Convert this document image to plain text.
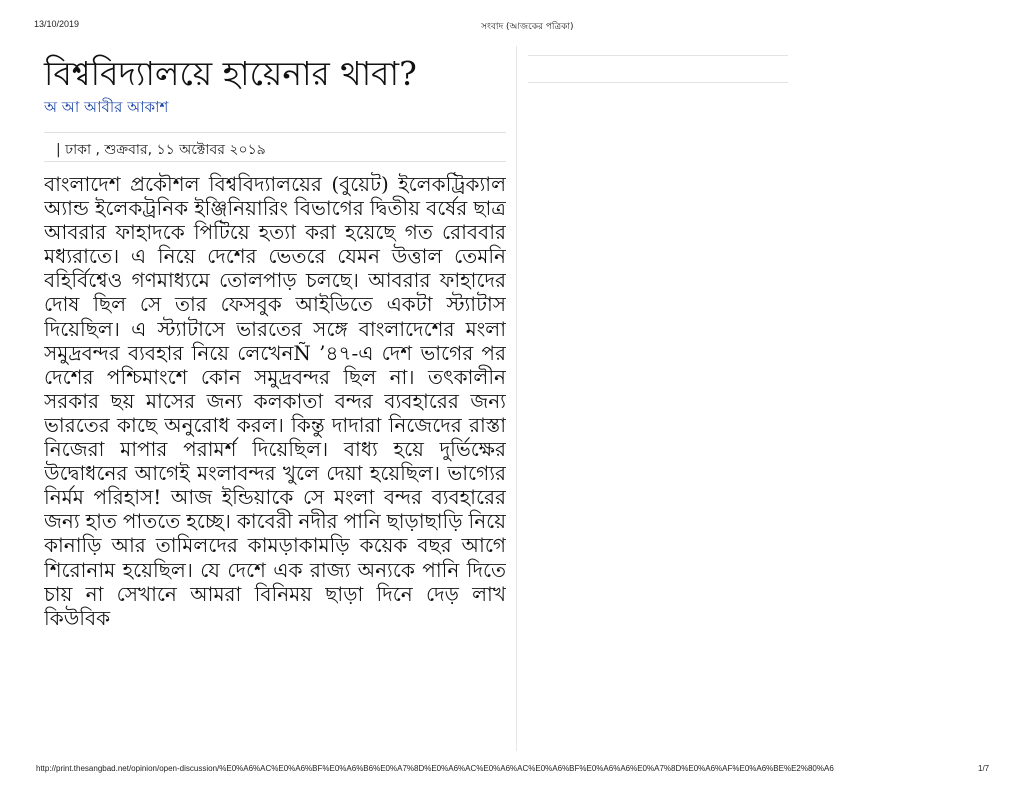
13/10/2019	সংবাদ (আজকের পত্রিকা)
বিশ্ববিদ্যালয়ে হায়েনার থাবা?
অ আ আবীর আকাশ
| ঢাকা , শুক্রবার, ১১ অক্টোবর ২০১৯
বাংলাদেশ প্রকৌশল বিশ্ববিদ্যালয়ের (বুয়েট) ইলেকট্রিক্যাল অ্যান্ড ইলেকট্রনিক ইঞ্জিনিয়ারিং বিভাগের দ্বিতীয় বর্ষের ছাত্র আবরার ফাহাদকে পিটিয়ে হত্যা করা হয়েছে গত রোববার মধ্যরাতে। এ নিয়ে দেশের ভেতরে যেমন উত্তাল তেমনি বহির্বিশ্বেও গণমাধ্যমে তোলপাড় চলছে। আবরার ফাহাদের দোষ ছিল সে তার ফেসবুক আইডিতে একটা স্ট্যাটাস দিয়েছিল। এ স্ট্যাটাসে ভারতের সঙ্গে বাংলাদেশের মংলা সমুদ্রবন্দর ব্যবহার নিয়ে লেখেনÑ ’৪৭-এ দেশ ভাগের পর দেশের পশ্চিমাংশে কোন সমুদ্রবন্দর ছিল না। তৎকালীন সরকার ছয় মাসের জন্য কলকাতা বন্দর ব্যবহারের জন্য ভারতের কাছে অনুরোধ করল। কিন্তু দাদারা নিজেদের রাস্তা নিজেরা মাপার পরামর্শ দিয়েছিল। বাধ্য হয়ে দুর্ভিক্ষের উদ্বোধনের আগেই মংলাবন্দর খুলে দেয়া হয়েছিল। ভাগ্যের নির্মম পরিহাস! আজ ইন্ডিয়াকে সে মংলা বন্দর ব্যবহারের জন্য হাত পাততে হচ্ছে। কাবেরী নদীর পানি ছাড়াছাড়ি নিয়ে কানাড়ি আর তামিলদের কামড়াকামড়ি কয়েক বছর আগে শিরোনাম হয়েছিল। যে দেশে এক রাজ্য অন্যকে পানি দিতে চায় না সেখানে আমরা বিনিময় ছাড়া দিনে দেড় লাখ কিউবিক
http://print.thesangbad.net/opinion/open-discussion/%E0%A6%AC%E0%A6%BF%E0%A6%B6%E0%A7%8D%E0%A6%AC%E0%A6%AC%E0%A6%BF%E0%A6%A6%E0%A7%8D%E0%A6%AF%E0%A6%BE%E2%80%A6	1/7
